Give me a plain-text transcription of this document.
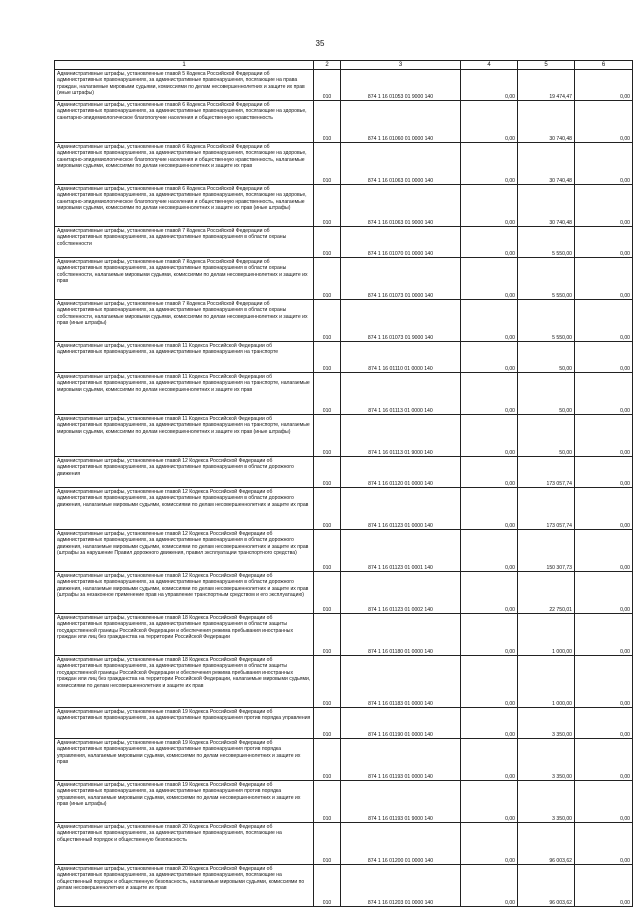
35
1	2	3	4	5	6
Административные штрафы, установленные главой 5 Кодекса Российской Федерации об административных правонарушениях, за административные правонарушения, посягающие на права граждан, налагаемые мировыми судьями, комиссиями по делам несовершеннолетних и защите их прав (иные штрафы)	010	874 1 16 01053 01 9000 140	0,00	19 474,47	0,00
Административные штрафы, установленные главой 6 Кодекса Российской Федерации об административных правонарушениях, за административные правонарушения, посягающие на здоровье, санитарно-эпидемиологическое благополучие населения и общественную нравственность	010	874 1 16 01060 01 0000 140	0,00	30 740,48	0,00
Административные штрафы, установленные главой 6 Кодекса Российской Федерации об административных правонарушениях, за административные правонарушения, посягающие на здоровье, санитарно-эпидемиологическое благополучие населения и общественную нравственность, налагаемые мировыми судьями, комиссиями по делам несовершеннолетних и защите их прав	010	874 1 16 01063 01 0000 140	0,00	30 740,48	0,00
Административные штрафы, установленные главой 6 Кодекса Российской Федерации об административных правонарушениях, за административные правонарушения, посягающие на здоровье, санитарно-эпидемиологическое благополучие населения и общественную нравственность, налагаемые мировыми судьями, комиссиями по делам несовершеннолетних и защите их прав (иные штрафы)	010	874 1 16 01063 01 9000 140	0,00	30 740,48	0,00
Административные штрафы, установленные главой 7 Кодекса Российской Федерации об административных правонарушениях, за административные правонарушения в области охраны собственности	010	874 1 16 01070 01 0000 140	0,00	5 550,00	0,00
Административные штрафы, установленные главой 7 Кодекса Российской Федерации об административных правонарушениях, за административные правонарушения в области охраны собственности, налагаемые мировыми судьями, комиссиями по делам несовершеннолетних и защите их прав	010	874 1 16 01073 01 0000 140	0,00	5 550,00	0,00
Административные штрафы, установленные главой 7 Кодекса Российской Федерации об административных правонарушениях, за административные правонарушения в области охраны собственности, налагаемые мировыми судьями, комиссиями по делам несовершеннолетних и защите их прав (иные штрафы)	010	874 1 16 01073 01 9000 140	0,00	5 550,00	0,00
Административные штрафы, установленные главой 11 Кодекса Российской Федерации об административных правонарушениях, за административные правонарушения на транспорте	010	874 1 16 01110 01 0000 140	0,00	50,00	0,00
Административные штрафы, установленные главой 11 Кодекса Российской Федерации об административных правонарушениях, за административные правонарушения на транспорте, налагаемые мировыми судьями, комиссиями по делам несовершеннолетних и защите их прав	010	874 1 16 01113 01 0000 140	0,00	50,00	0,00
Административные штрафы, установленные главой 11 Кодекса Российской Федерации об административных правонарушениях, за административные правонарушения на транспорте, налагаемые мировыми судьями, комиссиями по делам несовершеннолетних и защите их прав (иные штрафы)	010	874 1 16 01113 01 9000 140	0,00	50,00	0,00
Административные штрафы, установленные главой 12 Кодекса Российской Федерации об административных правонарушениях, за административные правонарушения в области дорожного движения	010	874 1 16 01120 01 0000 140	0,00	173 057,74	0,00
Административные штрафы, установленные главой 12 Кодекса Российской Федерации об административных правонарушениях, за административные правонарушения в области дорожного движения, налагаемые мировыми судьями, комиссиями по делам несовершеннолетних и защите их прав	010	874 1 16 01123 01 0000 140	0,00	173 057,74	0,00
Административные штрафы, установленные главой 12 Кодекса Российской Федерации об административных правонарушениях, за административные правонарушения в области дорожного движения, налагаемые мировыми судьями, комиссиями по делам несовершеннолетних и защите их прав (штрафы за нарушение Правил дорожного движения, правил эксплуатации транспортного средства)	010	874 1 16 01123 01 0001 140	0,00	150 307,73	0,00
Административные штрафы, установленные главой 12 Кодекса Российской Федерации об административных правонарушениях, за административные правонарушения в области дорожного движения, налагаемые мировыми судьями, комиссиями по делам несовершеннолетних и защите их прав (штрафы за незаконное применение прав на управление транспортным средством и его эксплуатацию)	010	874 1 16 01123 01 0002 140	0,00	22 750,01	0,00
Административные штрафы, установленные главой 18 Кодекса Российской Федерации об административных правонарушениях, за административные правонарушения в области защиты государственной границы Российской Федерации и обеспечения режима пребывания иностранных граждан или лиц без гражданства на территории Российской Федерации	010	874 1 16 01180 01 0000 140	0,00	1 000,00	0,00
Административные штрафы, установленные главой 18 Кодекса Российской Федерации об административных правонарушениях, за административные правонарушения в области защиты государственной границы Российской Федерации и обеспечения режима пребывания иностранных граждан или лиц без гражданства на территории Российской Федерации, налагаемые мировыми судьями, комиссиями по делам несовершеннолетних и защите их прав	010	874 1 16 01183 01 0000 140	0,00	1 000,00	0,00
Административные штрафы, установленные главой 19 Кодекса Российской Федерации об административных правонарушениях, за административные правонарушения против порядка управления	010	874 1 16 01190 01 0000 140	0,00	3 350,00	0,00
Административные штрафы, установленные главой 19 Кодекса Российской Федерации об административных правонарушениях, за административные правонарушения против порядка управления, налагаемые мировыми судьями, комиссиями по делам несовершеннолетних и защите их прав	010	874 1 16 01193 01 0000 140	0,00	3 350,00	0,00
Административные штрафы, установленные главой 19 Кодекса Российской Федерации об административных правонарушениях, за административные правонарушения против порядка управления, налагаемые мировыми судьями, комиссиями по делам несовершеннолетних и защите их прав (иные штрафы)	010	874 1 16 01193 01 9000 140	0,00	3 350,00	0,00
Административные штрафы, установленные главой 20 Кодекса Российской Федерации об административных правонарушениях, за административные правонарушения, посягающие на общественный порядок и общественную безопасность	010	874 1 16 01200 01 0000 140	0,00	96 003,62	0,00
Административные штрафы, установленные главой 20 Кодекса Российской Федерации об административных правонарушениях, за административные правонарушения, посягающие на общественный порядок и общественную безопасность, налагаемые мировыми судьями, комиссиями по делам несовершеннолетних и защите их прав	010	874 1 16 01203 01 0000 140	0,00	96 003,62	0,00
